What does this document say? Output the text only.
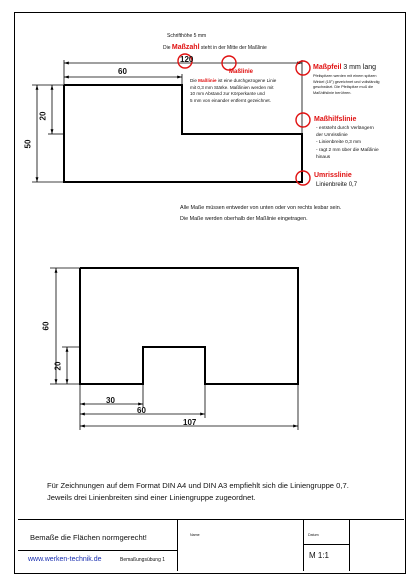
120
60
20
50
Schrifthöhe 5 mm
Die Maßzahl steht in der Mitte der Maßlinie
Maßlinie
Die Maßlinie ist eine durchgezogene Linie
mit 0,3 mm Stärke. Maßlinien werden mit
10 mm Abstand zur Körperkante und
5 mm von einander entfernt gezeichnet.
Maßpfeil 3 mm lang
Pfeilspitzen werden mit einem spitzen
Winkel (15°) gezeichnet und vollständig
geschwärzt. Die Pfeilspitze muß die
Maßhilfslinie berühren.
Maßhilfslinie
- entsteht durch Verlängern
der Umrisslinie
- Linienbreite 0,3 mm
- ragt 2 mm über die Maßlinie
hinaus
Umrisslinie
Linienbreite 0,7
Alle Maße müssen entweder von unten oder von rechts lesbar sein.
Die Maße werden oberhalb der Maßlinie eingetragen.
60
20
30
60
107
Für Zeichnungen auf dem Format DIN A4 und DIN A3 empfiehlt sich die Liniengruppe 0,7.
Jeweils drei Linienbreiten sind einer Liniengruppe zugeordnet.
Bemaße die Flächen normgerecht!
www.werken-technik.de	Bemaßungsübung 1
Name	Datum
M 1:1
